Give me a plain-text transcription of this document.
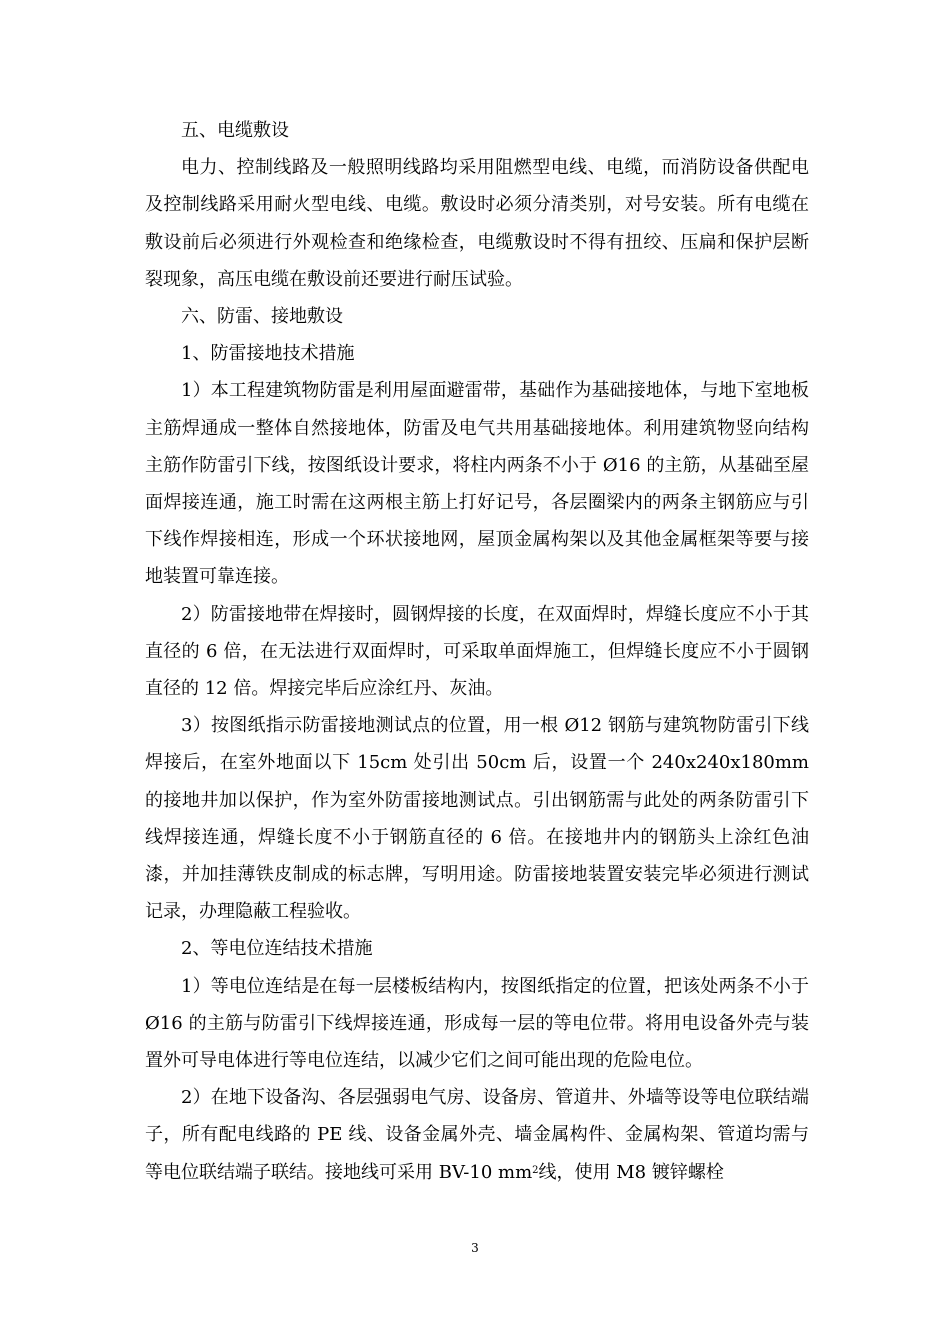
五、电缆敷设

电力、控制线路及一般照明线路均采用阻燃型电线、电缆，而消防设备供配电及控制线路采用耐火型电线、电缆。敷设时必须分清类别，对号安装。所有电缆在敷设前后必须进行外观检查和绝缘检查，电缆敷设时不得有扭绞、压扁和保护层断裂现象，高压电缆在敷设前还要进行耐压试验。

六、防雷、接地敷设

1、防雷接地技术措施

1）本工程建筑物防雷是利用屋面避雷带，基础作为基础接地体，与地下室地板主筋焊通成一整体自然接地体，防雷及电气共用基础接地体。利用建筑物竖向结构主筋作防雷引下线，按图纸设计要求，将柱内两条不小于 Ø16 的主筋，从基础至屋面焊接连通，施工时需在这两根主筋上打好记号，各层圈梁内的两条主钢筋应与引下线作焊接相连，形成一个环状接地网，屋顶金属构架以及其他金属框架等要与接地装置可靠连接。

2）防雷接地带在焊接时，圆钢焊接的长度，在双面焊时，焊缝长度应不小于其直径的 6 倍，在无法进行双面焊时，可采取单面焊施工，但焊缝长度应不小于圆钢直径的 12 倍。焊接完毕后应涂红丹、灰油。

3）按图纸指示防雷接地测试点的位置，用一根 Ø12 钢筋与建筑物防雷引下线焊接后，在室外地面以下 15cm 处引出 50cm 后，设置一个 240x240x180mm 的接地井加以保护，作为室外防雷接地测试点。引出钢筋需与此处的两条防雷引下线焊接连通，焊缝长度不小于钢筋直径的 6 倍。在接地井内的钢筋头上涂红色油漆，并加挂薄铁皮制成的标志牌，写明用途。防雷接地装置安装完毕必须进行测试记录，办理隐蔽工程验收。

2、等电位连结技术措施

1）等电位连结是在每一层楼板结构内，按图纸指定的位置，把该处两条不小于 Ø16 的主筋与防雷引下线焊接连通，形成每一层的等电位带。将用电设备外壳与装置外可导电体进行等电位连结，以减少它们之间可能出现的危险电位。

2）在地下设备沟、各层强弱电气房、设备房、管道井、外墙等设等电位联结端子，所有配电线路的 PE 线、设备金属外壳、墙金属构件、金属构架、管道均需与等电位联结端子联结。接地线可采用 BV-10 $mm^2$线，使用 M8 镀锌螺栓

3
